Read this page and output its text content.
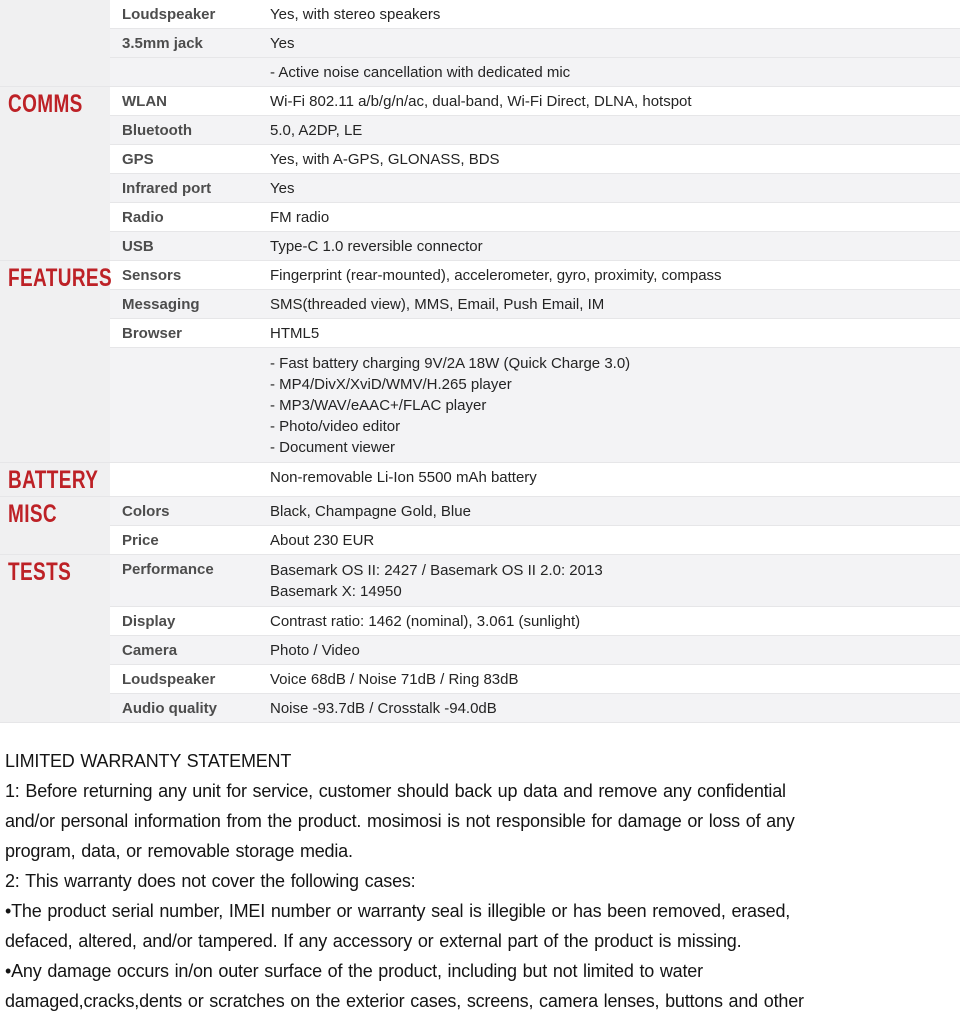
	Loudspeaker	Yes, with stereo speakers
	3.5mm jack	Yes
		- Active noise cancellation with dedicated mic
COMMS	WLAN	Wi-Fi 802.11 a/b/g/n/ac, dual-band, Wi-Fi Direct, DLNA, hotspot
	Bluetooth	5.0, A2DP, LE
	GPS	Yes, with A-GPS, GLONASS, BDS
	Infrared port	Yes
	Radio	FM radio
	USB	Type-C 1.0 reversible connector
FEATURES	Sensors	Fingerprint (rear-mounted), accelerometer, gyro, proximity, compass
	Messaging	SMS(threaded view), MMS, Email, Push Email, IM
	Browser	HTML5

		- Fast battery charging 9V/2A 18W (Quick Charge 3.0)
- MP4/DivX/XviD/WMV/H.265 player
- MP3/WAV/eAAC+/FLAC player
- Photo/video editor
- Document viewer

BATTERY		Non-removable Li-Ion 5500 mAh battery
MISC	Colors	Black, Champagne Gold, Blue
	Price	About 230 EUR
TESTS	Performance	Basemark OS II: 2427 / Basemark OS II 2.0: 2013
Basemark X: 14950

	Display	Contrast ratio: 1462 (nominal), 3.061 (sunlight)
	Camera	Photo / Video
	Loudspeaker	Voice 68dB / Noise 71dB / Ring 83dB
	Audio quality	Noise -93.7dB / Crosstalk -94.0dB
LIMITED WARRANTY STATEMENT
1: Before returning any unit for service, customer should back up data and remove any confidential
and/or personal information from the product. mosimosi is not responsible for damage or loss of any
program, data, or removable storage media.
2: This warranty does not cover the following cases:
•The product serial number, IMEI number or warranty seal is illegible or has been removed, erased,
defaced, altered, and/or tampered. If any accessory or external part of the product is missing.
•Any damage occurs in/on outer surface of the product, including but not limited to water
damaged,cracks,dents or scratches on the exterior cases, screens, camera lenses, buttons and other
